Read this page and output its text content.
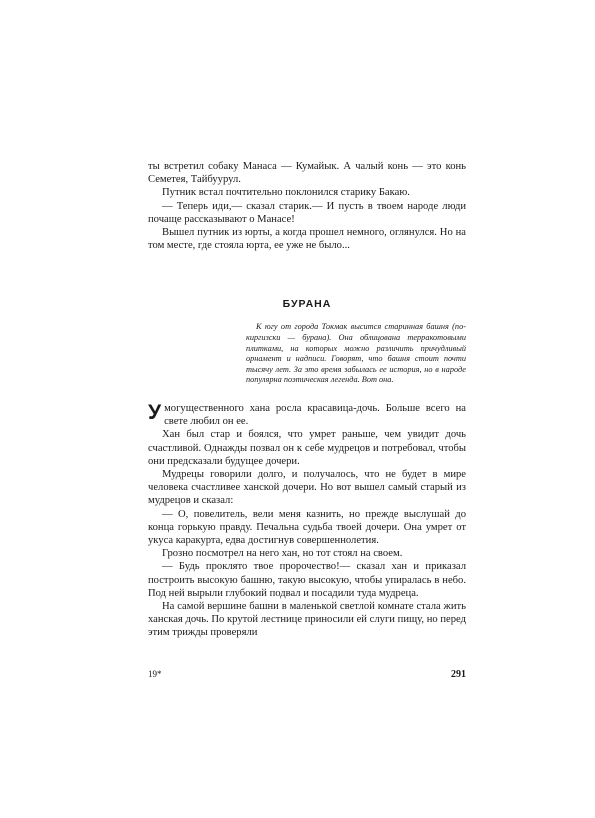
ты встретил собаку Манаса — Кумайык. А чалый конь — это конь Семетея, Тайбуурул.

Путник встал почтительно поклонился старику Бакаю.

— Теперь иди,— сказал старик.— И пусть в твоем народе люди почаще рассказывают о Манасе!

Вышел путник из юрты, а когда прошел немного, оглянулся. Но на том месте, где стояла юрта, ее уже не было...

БУРАНА

К югу от города Токмак высится старинная башня (по-киргизски — бурана). Она облицована терракотовыми плитками, на которых можно различить причудливый орнамент и надписи. Говорят, что башня стоит почти тысячу лет. За это время забылась ее история, но в народе популярна поэтическая легенда. Вот она.

У могущественного хана росла красавица-дочь. Больше всего на свете любил он ее.

Хан был стар и боялся, что умрет раньше, чем увидит дочь счастливой. Однажды позвал он к себе мудрецов и потребовал, чтобы они предсказали будущее дочери.

Мудрецы говорили долго, и получалось, что не будет в мире человека счастливее ханской дочери. Но вот вышел самый старый из мудрецов и сказал:

— О, повелитель, вели меня казнить, но прежде выслушай до конца горькую правду. Печальна судьба твоей дочери. Она умрет от укуса каракурта, едва достигнув совершеннолетия.

Грозно посмотрел на него хан, но тот стоял на своем.

— Будь проклято твое пророчество!— сказал хан и приказал построить высокую башню, такую высокую, чтобы упиралась в небо. Под ней вырыли глубокий подвал и посадили туда мудреца.

На самой вершине башни в маленькой светлой комнате стала жить ханская дочь. По крутой лестнице приносили ей слуги пищу, но перед этим трижды проверяли

19*	291
